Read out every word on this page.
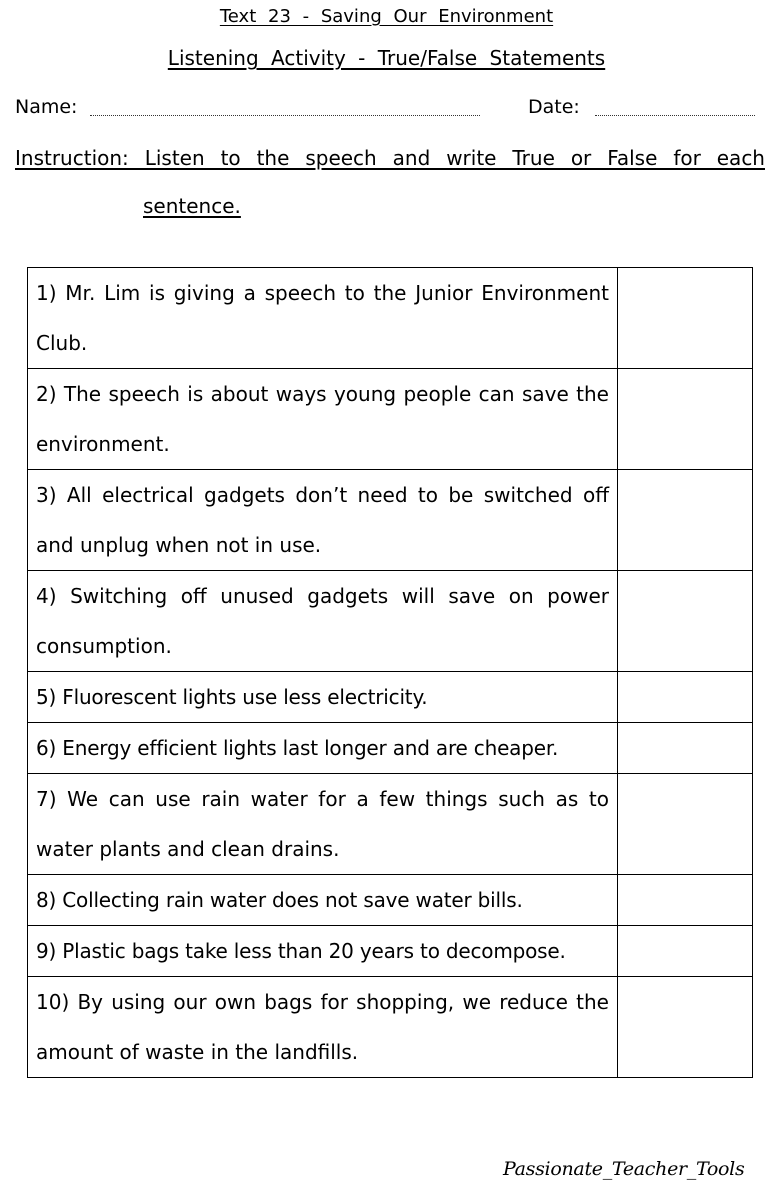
Text 23 - Saving Our Environment
Listening Activity - True/False Statements
Name:	Date:
Instruction: Listen to the speech and write True or False for each
sentence.
1) Mr. Lim is giving a speech to the Junior Environment Club.	

2) The speech is about ways young people can save the environment.	

3) All electrical gadgets don’t need to be switched off and unplug when not in use.	

4) Switching off unused gadgets will save on power consumption.	

5) Fluorescent lights use less electricity.	

6) Energy efficient lights last longer and are cheaper.	

7) We can use rain water for a few things such as to water plants and clean drains.	

8) Collecting rain water does not save water bills.	

9) Plastic bags take less than 20 years to decompose.	

10) By using our own bags for shopping, we reduce the amount of waste in the landfills.	

Passionate_Teacher_Tools
